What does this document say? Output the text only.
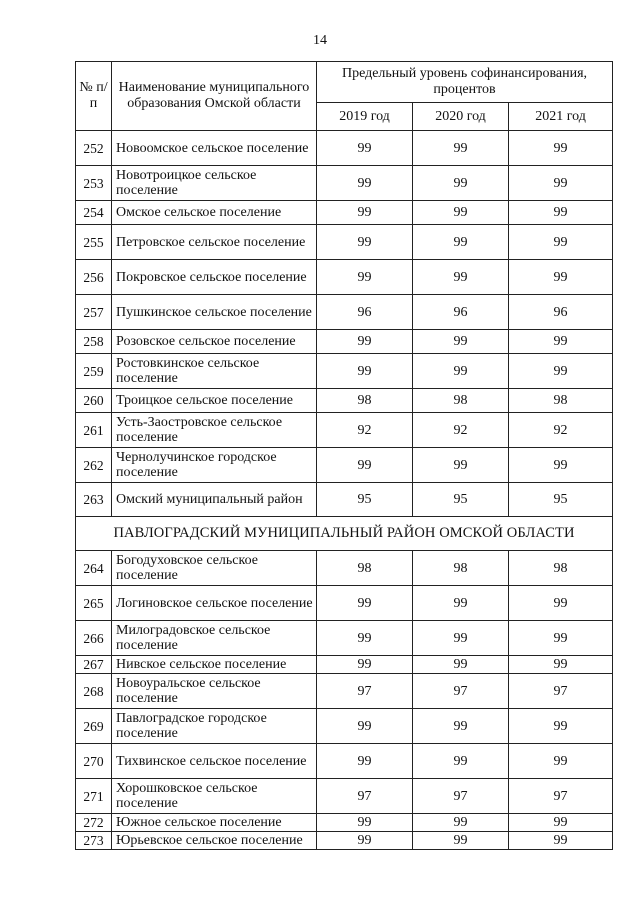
14
№ п/п	Наименование муниципального образования Омской области	Предельный уровень софинансирования, процентов		
		2019 год	2020 год	2021 год
252	Новоомское сельское поселение	99	99	99
253	Новотроицкое сельское поселение	99	99	99
254	Омское сельское поселение	99	99	99
255	Петровское сельское поселение	99	99	99
256	Покровское сельское поселение	99	99	99
257	Пушкинское сельское поселение	96	96	96
258	Розовское сельское поселение	99	99	99
259	Ростовкинское сельское поселение	99	99	99
260	Троицкое сельское поселение	98	98	98
261	Усть-Заостровское сельское поселение	92	92	92
262	Чернолучинское городское поселение	99	99	99
263	Омский муниципальный район	95	95	95
ПАВЛОГРАДСКИЙ МУНИЦИПАЛЬНЫЙ РАЙОН ОМСКОЙ ОБЛАСТИ				
264	Богодуховское сельское поселение	98	98	98
265	Логиновское сельское поселение	99	99	99
266	Милоградовское сельское поселение	99	99	99
267	Нивское сельское поселение	99	99	99
268	Новоуральское сельское поселение	97	97	97
269	Павлоградское городское поселение	99	99	99
270	Тихвинское сельское поселение	99	99	99
271	Хорошковское сельское поселение	97	97	97
272	Южное сельское поселение	99	99	99
273	Юрьевское сельское поселение	99	99	99
